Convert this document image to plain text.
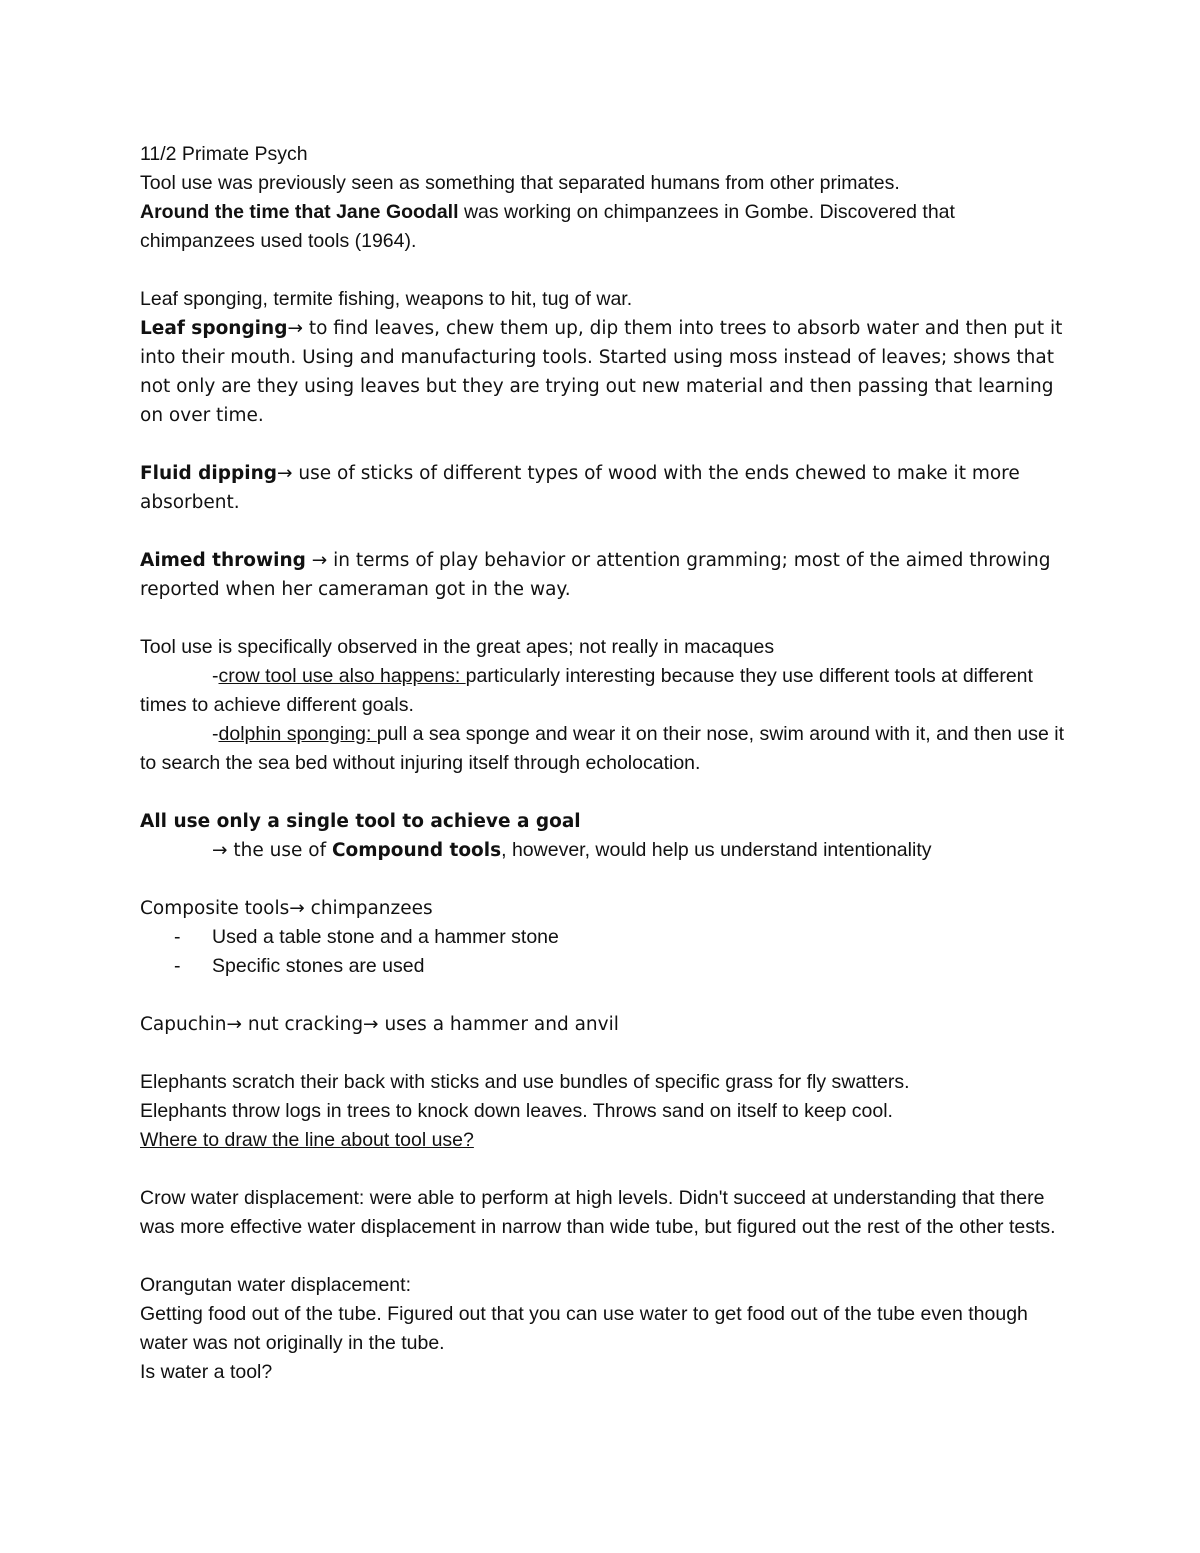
11/2 Primate Psych

Tool use was previously seen as something that separated humans from other primates.

Around the time that Jane Goodall was working on chimpanzees in Gombe. Discovered that chimpanzees used tools (1964).

Leaf sponging, termite fishing, weapons to hit, tug of war.

Leaf sponging→ to find leaves, chew them up, dip them into trees to absorb water and then put it into their mouth. Using and manufacturing tools. Started using moss instead of leaves; shows that not only are they using leaves but they are trying out new material and then passing that learning on over time.

Fluid dipping→ use of sticks of different types of wood with the ends chewed to make it more absorbent.

Aimed throwing → in terms of play behavior or attention gramming; most of the aimed throwing reported when her cameraman got in the way.

Tool use is specifically observed in the great apes; not really in macaques

-crow tool use also happens: particularly interesting because they use different tools at different times to achieve different goals.

-dolphin sponging: pull a sea sponge and wear it on their nose, swim around with it, and then use it to search the sea bed without injuring itself through echolocation.

All use only a single tool to achieve a goal

→ the use of Compound tools, however, would help us understand intentionality

Composite tools→ chimpanzees

- Used a table stone and a hammer stone
- Specific stones are used

Capuchin→ nut cracking→ uses a hammer and anvil

Elephants scratch their back with sticks and use bundles of specific grass for fly swatters.

Elephants throw logs in trees to knock down leaves. Throws sand on itself to keep cool.

Where to draw the line about tool use?

Crow water displacement: were able to perform at high levels. Didn't succeed at understanding that there was more effective water displacement in narrow than wide tube, but figured out the rest of the other tests.

Orangutan water displacement:

Getting food out of the tube. Figured out that you can use water to get food out of the tube even though water was not originally in the tube.

Is water a tool?
